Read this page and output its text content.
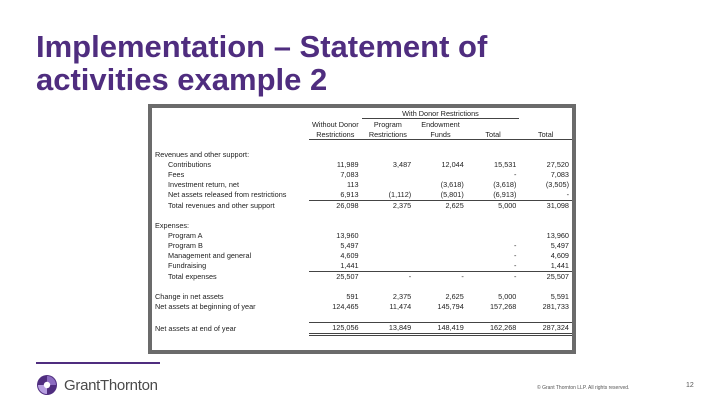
Implementation – Statement of
activities example 2
		With Donor Restrictions			
	Without Donor	Program	Endowment		
	Restrictions	Restrictions	Funds	Total	Total

Revenues and other support:					
Contributions	11,989	3,487	12,044	15,531	27,520
Fees	7,083			-	7,083
Investment return, net	113		(3,618)	(3,618)	(3,505)
Net assets released from restrictions	6,913	(1,112)	(5,801)	(6,913)	-
Total revenues and other support	26,098	2,375	2,625	5,000	31,098

Expenses:					
Program A	13,960				13,960
Program B	5,497			-	5,497
Management and general	4,609			-	4,609
Fundraising	1,441			-	1,441
Total expenses	25,507	-	-	-	25,507

Change in net assets	591	2,375	2,625	5,000	5,591
Net assets at beginning of year	124,465	11,474	145,794	157,268	281,733

Net assets at end of year	125,056	13,849	148,419	162,268	287,324
GrantThornton	© Grant Thornton LLP. All rights reserved.	12
